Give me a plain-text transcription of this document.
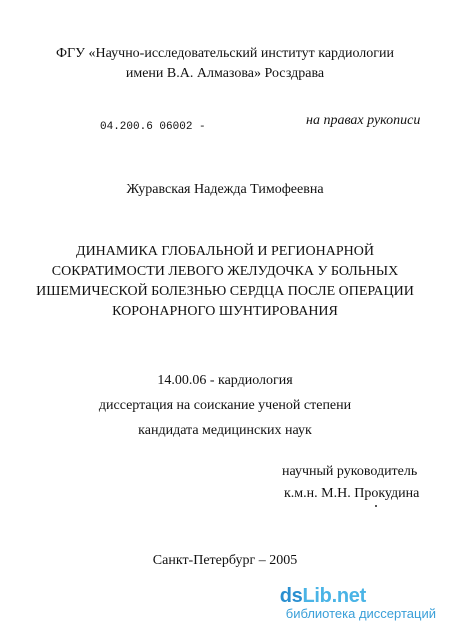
ФГУ «Научно-исследовательский институт кардиологии
имени В.А. Алмазова» Росздрава
04.200.6 06002 -	на правах рукописи
Журавская Надежда Тимофеевна
ДИНАМИКА ГЛОБАЛЬНОЙ И РЕГИОНАРНОЙ
СОКРАТИМОСТИ ЛЕВОГО ЖЕЛУДОЧКА У БОЛЬНЫХ
ИШЕМИЧЕСКОЙ БОЛЕЗНЬЮ СЕРДЦА ПОСЛЕ ОПЕРАЦИИ
КОРОНАРНОГО ШУНТИРОВАНИЯ
14.00.06 - кардиология
диссертация на соискание ученой степени
кандидата медицинских наук
научный руководитель
к.м.н. М.Н. Прокудина
Санкт-Петербург – 2005
dsLib.net
библиотека диссертаций
